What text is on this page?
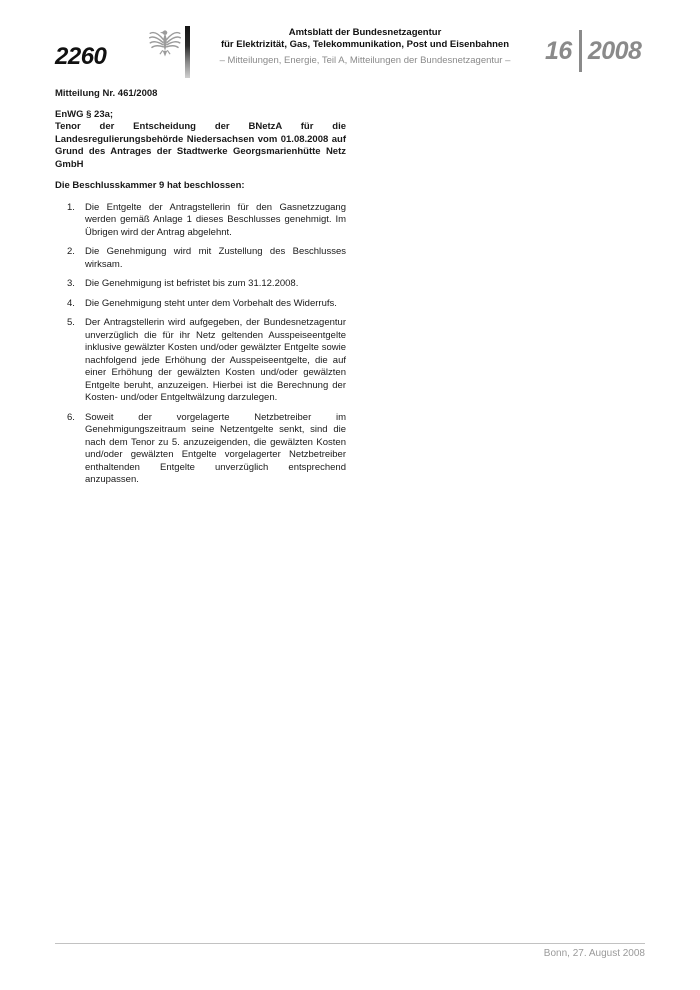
2260
Amtsblatt der Bundesnetzagentur
für Elektrizität, Gas, Telekommunikation, Post und Eisenbahnen
– Mitteilungen, Energie, Teil A, Mitteilungen der Bundesnetzagentur –	16 2008

Mitteilung Nr. 461/2008

EnWG § 23a;

Tenor der Entscheidung der BNetzA für die Landesregulierungsbehörde Niedersachsen vom 01.08.2008 auf Grund des Antrages der Stadtwerke Georgsmarienhütte Netz GmbH

Die Beschlusskammer 9 hat beschlossen:

1. Die Entgelte der Antragstellerin für den Gasnetzzugang werden gemäß Anlage 1 dieses Beschlusses genehmigt. Im Übrigen wird der Antrag abgelehnt.
2. Die Genehmigung wird mit Zustellung des Beschlusses wirksam.
3. Die Genehmigung ist befristet bis zum 31.12.2008.
4. Die Genehmigung steht unter dem Vorbehalt des Widerrufs.
5. Der Antragstellerin wird aufgegeben, der Bundesnetzagentur unverzüglich die für ihr Netz geltenden Ausspeiseentgelte inklusive gewälzter Kosten und/oder gewälzter Entgelte sowie nachfolgend jede Erhöhung der Ausspeiseentgelte, die auf einer Erhöhung der gewälzten Kosten und/oder gewälzten Entgelte beruht, anzuzeigen. Hierbei ist die Berechnung der Kosten- und/oder Entgeltwälzung darzulegen.
6. Soweit der vorgelagerte Netzbetreiber im Genehmigungszeitraum seine Netzentgelte senkt, sind die nach dem Tenor zu 5. anzuzeigenden, die gewälzten Kosten und/oder gewälzten Entgelte vorgelagerter Netzbetreiber enthaltenden Entgelte unverzüglich entsprechend anzupassen.
Bonn, 27. August 2008
